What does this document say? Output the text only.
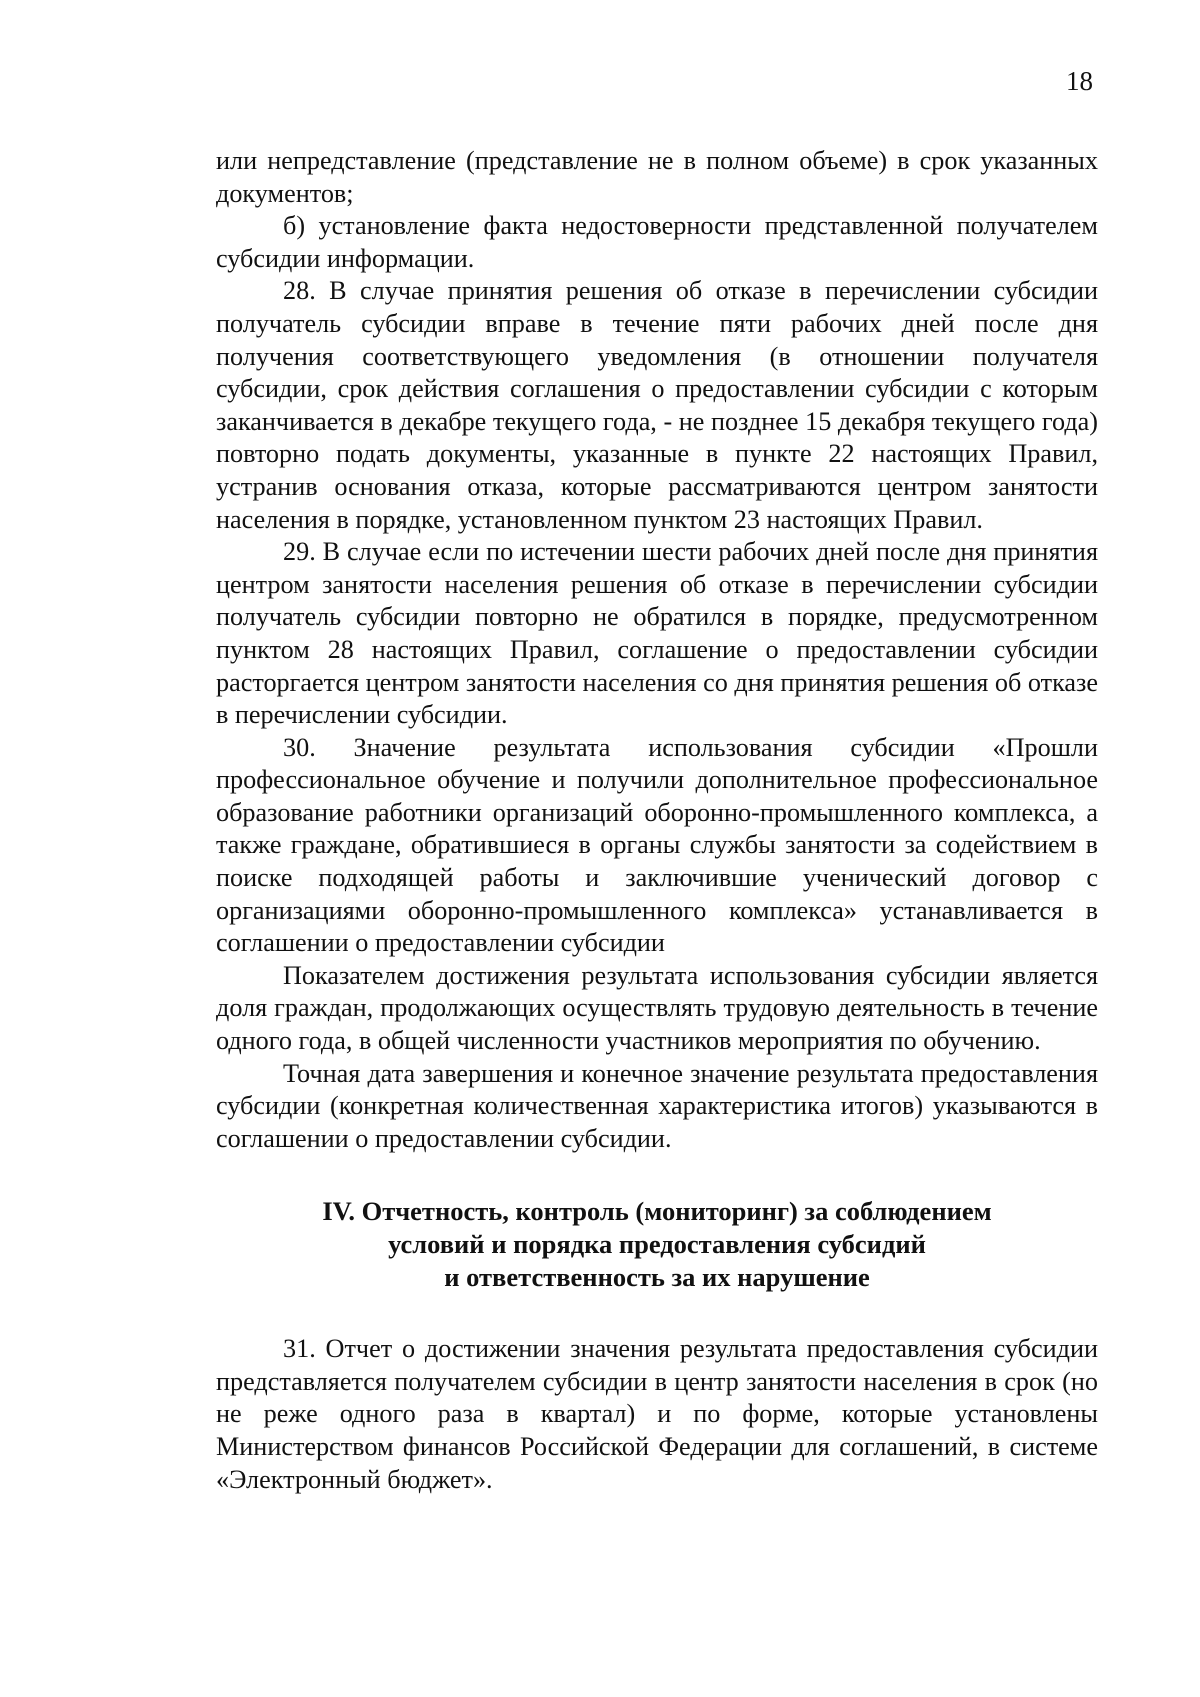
18

или непредставление (представление не в полном объеме) в срок указанных документов;

б) установление факта недостоверности представленной получателем субсидии информации.

28. В случае принятия решения об отказе в перечислении субсидии получатель субсидии вправе в течение пяти рабочих дней после дня получения соответствующего уведомления (в отношении получателя субсидии, срок действия соглашения о предоставлении субсидии с которым заканчивается в декабре текущего года, - не позднее 15 декабря текущего года) повторно подать документы, указанные в пункте 22 настоящих Правил, устранив основания отказа, которые рассматриваются центром занятости населения в порядке, установленном пунктом 23 настоящих Правил.

29. В случае если по истечении шести рабочих дней после дня принятия центром занятости населения решения об отказе в перечислении субсидии получатель субсидии повторно не обратился в порядке, предусмотренном пунктом 28 настоящих Правил, соглашение о предоставлении субсидии расторгается центром занятости населения со дня принятия решения об отказе в перечислении субсидии.

30. Значение результата использования субсидии «Прошли профессиональное обучение и получили дополнительное профессиональное образование работники организаций оборонно-промышленного комплекса, а также граждане, обратившиеся в органы службы занятости за содействием в поиске подходящей работы и заключившие ученический договор с организациями оборонно-промышленного комплекса» устанавливается в соглашении о предоставлении субсидии

Показателем достижения результата использования субсидии является доля граждан, продолжающих осуществлять трудовую деятельность в течение одного года, в общей численности участников мероприятия по обучению.

Точная дата завершения и конечное значение результата предоставления субсидии (конкретная количественная характеристика итогов) указываются в соглашении о предоставлении субсидии.

IV. Отчетность, контроль (мониторинг) за соблюдением
условий и порядка предоставления субсидий
и ответственность за их нарушение

31. Отчет о достижении значения результата предоставления субсидии представляется получателем субсидии в центр занятости населения в срок (но не реже одного раза в квартал) и по форме, которые установлены Министерством финансов Российской Федерации для соглашений, в системе «Электронный бюджет».
